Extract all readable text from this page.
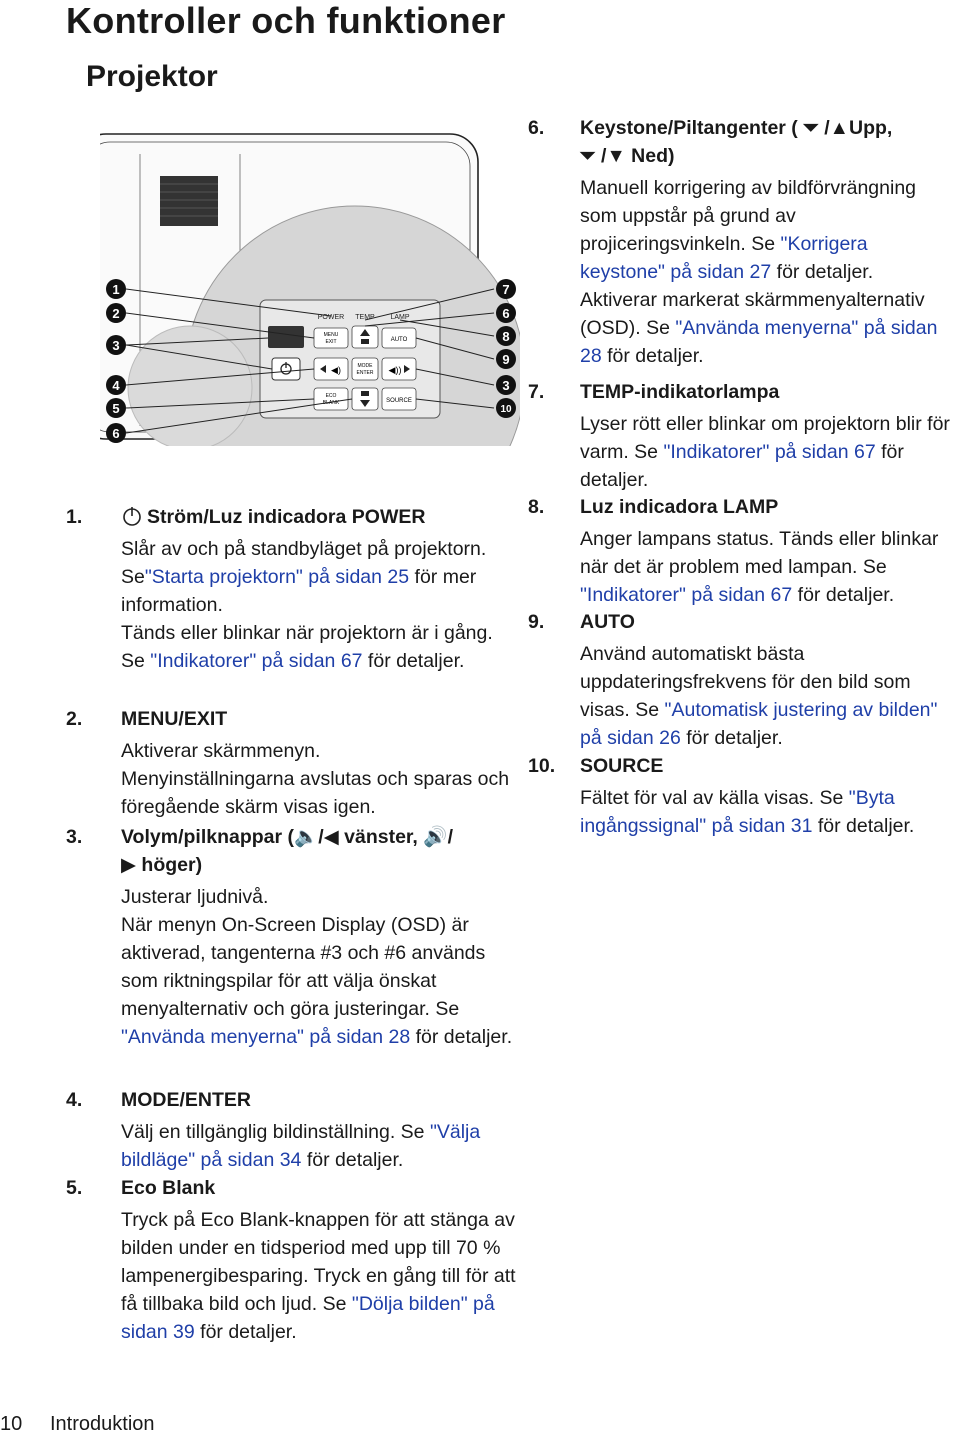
Kontroller och funktioner
Projektor
POWER TEMP LAMP
MENU
EXIT	AUTO
◀)	MODE
ENTER ◀))
ECO
BLANK	SOURCE
1
2
3
4
5
6
7
6
8
9
3
10
1.	Ström/Luz indicadora POWER
Slår av och på standbyläget på projektorn. Se"Starta projektorn" på sidan 25 för mer information.
Tänds eller blinkar när projektorn är i gång. Se "Indikatorer" på sidan 67 för detaljer.
2. MENU/EXIT
Aktiverar skärmmenyn.
Menyinställningarna avslutas och sparas och föregående skärm visas igen.
3. Volym/pilknappar (🔈/◀ vänster, 🔊/
▶ höger)
Justerar ljudnivå.
När menyn On-Screen Display (OSD) är aktiverad, tangenterna #3 och #6 används som riktningspilar för att välja önskat menyalternativ och göra justeringar. Se "Använda menyerna" på sidan 28 för detaljer.
4. MODE/ENTER
Välj en tillgänglig bildinställning. Se "Välja bildläge" på sidan 34 för detaljer.
5. Eco Blank
Tryck på Eco Blank-knappen för att stänga av bilden under en tidsperiod med upp till 70 % lampenergibesparing. Tryck en gång till för att få tillbaka bild och ljud. Se "Dölja bilden" på sidan 39 för detaljer.
6. Keystone/Piltangenter ( ⏷ /▲Upp,
⏷ /▼ Ned)
Manuell korrigering av bildförvrängning som uppstår på grund av projiceringsvinkeln. Se "Korrigera keystone" på sidan 27 för detaljer.
Aktiverar markerat skärmmenyalternativ (OSD). Se "Använda menyerna" på sidan 28 för detaljer.
7. TEMP-indikatorlampa
Lyser rött eller blinkar om projektorn blir för varm. Se "Indikatorer" på sidan 67 för detaljer.
8. Luz indicadora LAMP
Anger lampans status. Tänds eller blinkar när det är problem med lampan. Se "Indikatorer" på sidan 67 för detaljer.
9. AUTO
Använd automatiskt bästa uppdateringsfrekvens för den bild som visas. Se "Automatisk justering av bilden" på sidan 26 för detaljer.
10. SOURCE
Fältet för val av källa visas. Se "Byta ingångssignal" på sidan 31 för detaljer.
10 Introduktion
